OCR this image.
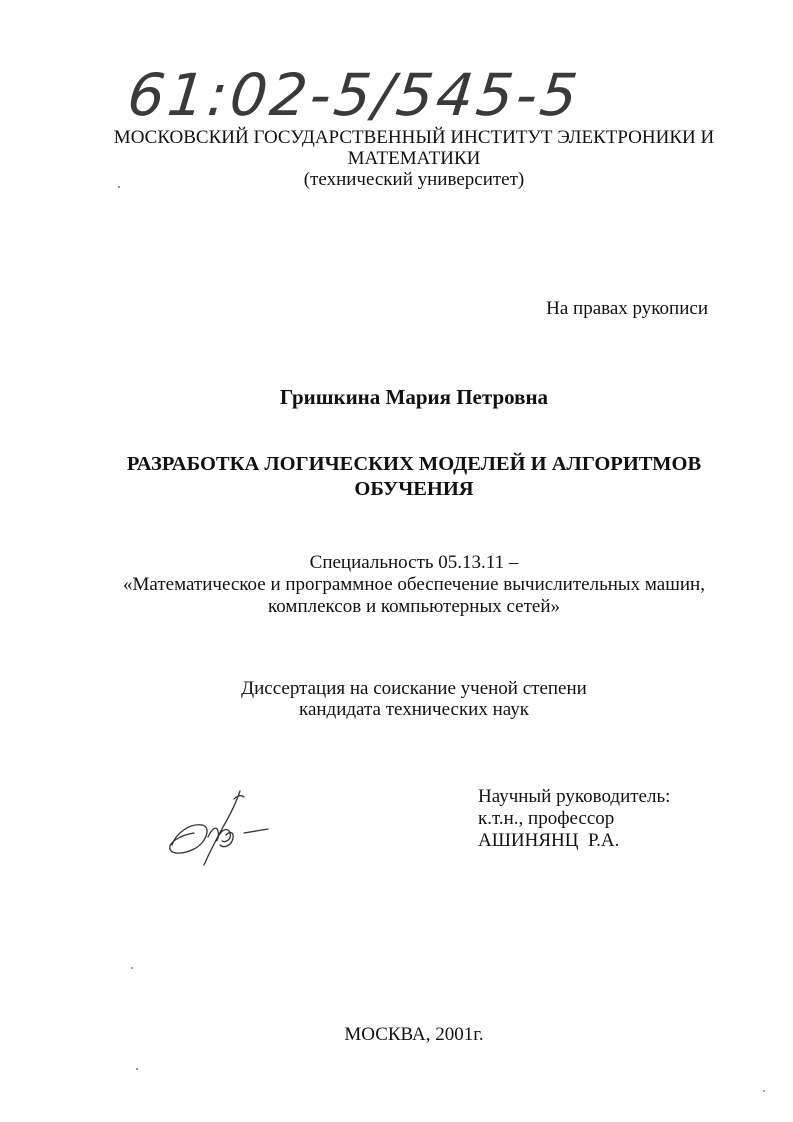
61:02-5/545-5
МОСКОВСКИЙ ГОСУДАРСТВЕННЫЙ ИНСТИТУТ ЭЛЕКТРОНИКИ И
МАТЕМАТИКИ
(технический университет)
На правах рукописи
Гришкина Мария Петровна
РАЗРАБОТКА ЛОГИЧЕСКИХ МОДЕЛЕЙ И АЛГОРИТМОВ
ОБУЧЕНИЯ
Специальность 05.13.11 –
«Математическое и программное обеспечение вычислительных машин,
комплексов и компьютерных сетей»
Диссертация на соискание ученой степени
кандидата технических наук
Научный руководитель:
к.т.н., профессор
АШИНЯНЦ  Р.А.
МОСКВА, 2001г.
